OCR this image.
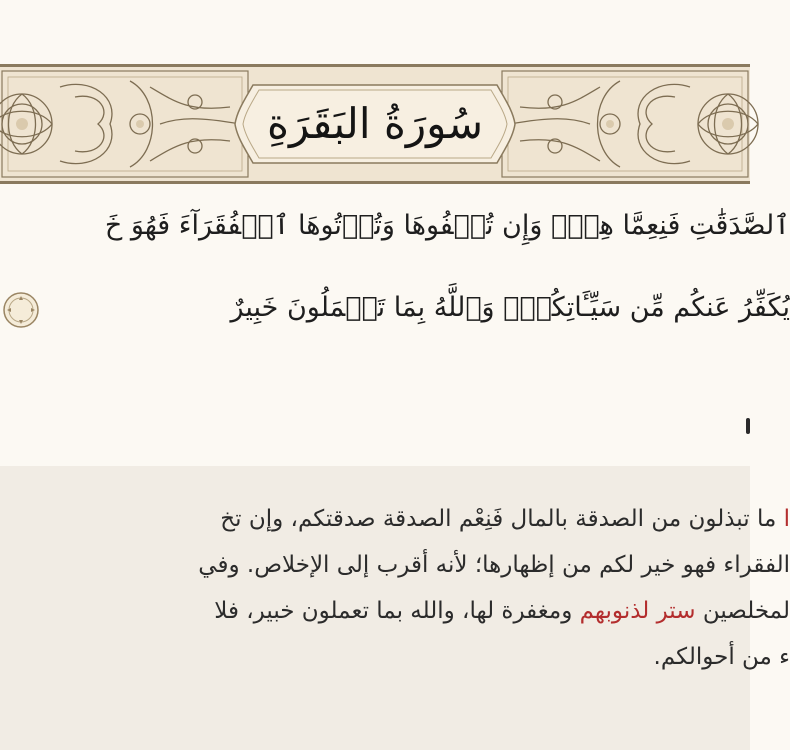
سُورَةُ البَقَرَةِ
ٱلصَّدَقَٰتِ فَنِعِمَّا هِيَۖ وَإِن تُخۡفُوهَا وَتُؤۡتُوهَا ٱلۡفُقَرَآءَ فَهُوَ خَ
يُكَفِّرُ عَنكُم مِّن سَيِّـَٔاتِكُمۡۗ وَٱللَّهُ بِمَا تَعۡمَلُونَ خَبِيرٌ
ا ما تبذلون من الصدقة بالمال فَنِعْم الصدقة صدقتكم، وإن تخ
الفقراء فهو خير لكم من إظهارها؛ لأنه أقرب إلى الإخلاص. وفي
لمخلصين ستر لذنوبهم ومغفرة لها، والله بما تعملون خبير، فلا
ء من أحوالكم.
